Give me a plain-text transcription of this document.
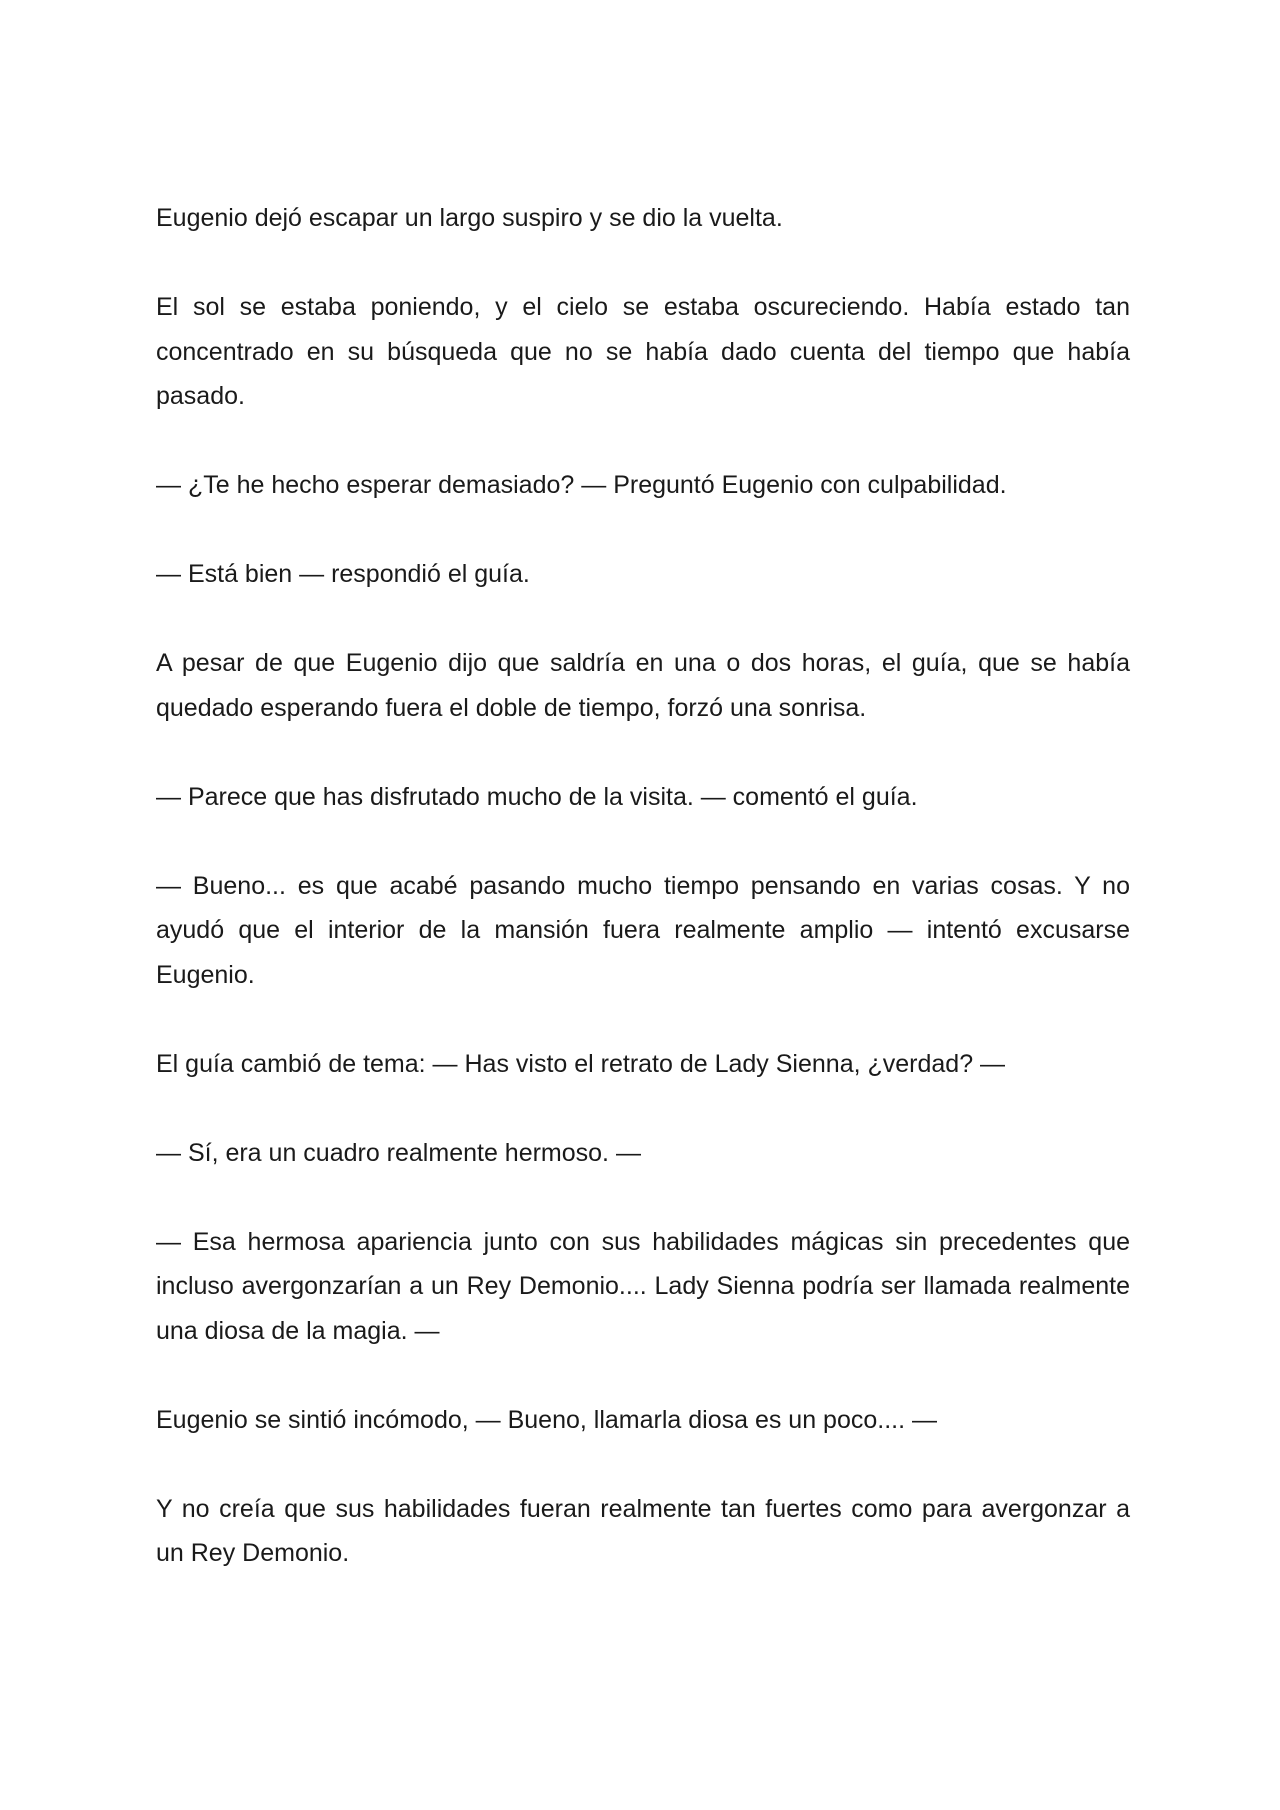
Eugenio dejó escapar un largo suspiro y se dio la vuelta.

El sol se estaba poniendo, y el cielo se estaba oscureciendo. Había estado tan concentrado en su búsqueda que no se había dado cuenta del tiempo que había pasado.

— ¿Te he hecho esperar demasiado? — Preguntó Eugenio con culpabilidad.

— Está bien — respondió el guía.

A pesar de que Eugenio dijo que saldría en una o dos horas, el guía, que se había quedado esperando fuera el doble de tiempo, forzó una sonrisa.

— Parece que has disfrutado mucho de la visita. — comentó el guía.

— Bueno... es que acabé pasando mucho tiempo pensando en varias cosas. Y no ayudó que el interior de la mansión fuera realmente amplio — intentó excusarse Eugenio.

El guía cambió de tema: — Has visto el retrato de Lady Sienna, ¿verdad? —

— Sí, era un cuadro realmente hermoso. —

— Esa hermosa apariencia junto con sus habilidades mágicas sin precedentes que incluso avergonzarían a un Rey Demonio.... Lady Sienna podría ser llamada realmente una diosa de la magia. —

Eugenio se sintió incómodo, — Bueno, llamarla diosa es un poco.... —

Y no creía que sus habilidades fueran realmente tan fuertes como para avergonzar a un Rey Demonio.
